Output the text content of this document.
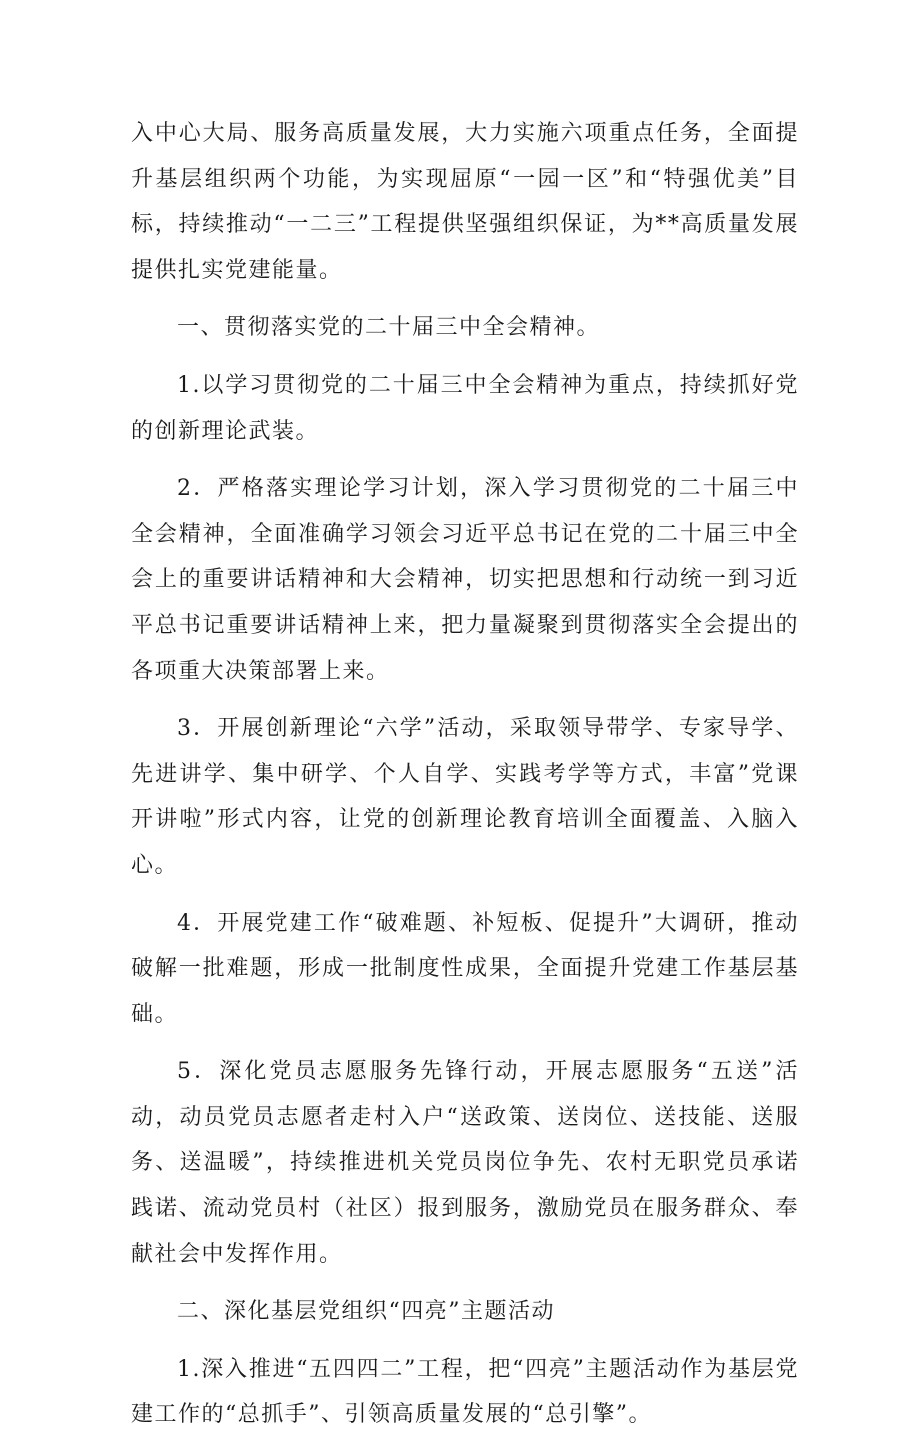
入中心大局、服务高质量发展，大力实施六项重点任务，全面提升基层组织两个功能，为实现屈原“一园一区”和“特强优美”目标，持续推动“一二三”工程提供坚强组织保证，为**高质量发展提供扎实党建能量。

一、贯彻落实党的二十届三中全会精神。

1.以学习贯彻党的二十届三中全会精神为重点，持续抓好党的创新理论武装。

2．严格落实理论学习计划，深入学习贯彻党的二十届三中全会精神，全面准确学习领会习近平总书记在党的二十届三中全会上的重要讲话精神和大会精神，切实把思想和行动统一到习近平总书记重要讲话精神上来，把力量凝聚到贯彻落实全会提出的各项重大决策部署上来。

3．开展创新理论“六学”活动，采取领导带学、专家导学、先进讲学、集中研学、个人自学、实践考学等方式，丰富”党课开讲啦”形式内容，让党的创新理论教育培训全面覆盖、入脑入心。

4．开展党建工作“破难题、补短板、促提升”大调研，推动破解一批难题，形成一批制度性成果，全面提升党建工作基层基础。

5．深化党员志愿服务先锋行动，开展志愿服务“五送”活动，动员党员志愿者走村入户“送政策、送岗位、送技能、送服务、送温暖”，持续推进机关党员岗位争先、农村无职党员承诺践诺、流动党员村（社区）报到服务，激励党员在服务群众、奉献社会中发挥作用。

二、深化基层党组织“四亮”主题活动

1.深入推进“五四四二”工程，把“四亮”主题活动作为基层党建工作的“总抓手”、引领高质量发展的“总引擎”。
